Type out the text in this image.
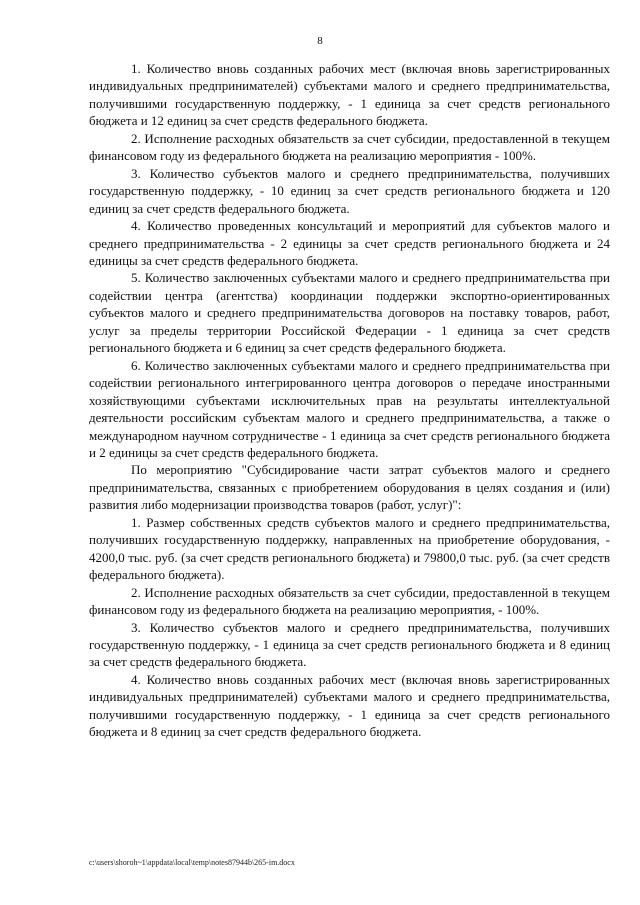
8

1. Количество вновь созданных рабочих мест (включая вновь зарегистрированных индивидуальных предпринимателей) субъектами малого и среднего предпринимательства, получившими государственную поддержку, - 1 единица за счет средств регионального бюджета и 12 единиц за счет средств федерального бюджета.

2. Исполнение расходных обязательств за счет субсидии, предоставленной в текущем финансовом году из федерального бюджета на реализацию мероприятия - 100%.

3. Количество субъектов малого и среднего предпринимательства, получивших государственную поддержку, - 10 единиц за счет средств регионального бюджета и 120 единиц за счет средств федерального бюджета.

4. Количество проведенных консультаций и мероприятий для субъектов малого и среднего предпринимательства - 2 единицы за счет средств регионального бюджета и 24 единицы за счет средств федерального бюджета.

5. Количество заключенных субъектами малого и среднего предпринимательства при содействии центра (агентства) координации поддержки экспортно-ориентированных субъектов малого и среднего предпринимательства договоров на поставку товаров, работ, услуг за пределы территории Российской Федерации - 1 единица за счет средств регионального бюджета и 6 единиц за счет средств федерального бюджета.

6. Количество заключенных субъектами малого и среднего предпринимательства при содействии регионального интегрированного центра договоров о передаче иностранными хозяйствующими субъектами исключительных прав на результаты интеллектуальной деятельности российским субъектам малого и среднего предпринимательства, а также о международном научном сотрудничестве - 1 единица за счет средств регионального бюджета и 2 единицы за счет средств федерального бюджета.

По мероприятию "Субсидирование части затрат субъектов малого и среднего предпринимательства, связанных с приобретением оборудования в целях создания и (или) развития либо модернизации производства товаров (работ, услуг)":

1. Размер собственных средств субъектов малого и среднего предпринимательства, получивших государственную поддержку, направленных на приобретение оборудования, - 4200,0 тыс. руб. (за счет средств регионального бюджета) и 79800,0 тыс. руб. (за счет средств федерального бюджета).

2. Исполнение расходных обязательств за счет субсидии, предоставленной в текущем финансовом году из федерального бюджета на реализацию мероприятия, - 100%.

3. Количество субъектов малого и среднего предпринимательства, получивших государственную поддержку, - 1 единица за счет средств регионального бюджета и 8 единиц за счет средств федерального бюджета.

4. Количество вновь созданных рабочих мест (включая вновь зарегистрированных индивидуальных предпринимателей) субъектами малого и среднего предпринимательства, получившими государственную поддержку, - 1 единица за счет средств регионального бюджета и 8 единиц за счет средств федерального бюджета.

c:\users\shoroh~1\appdata\local\temp\notes87944b\265-im.docx
